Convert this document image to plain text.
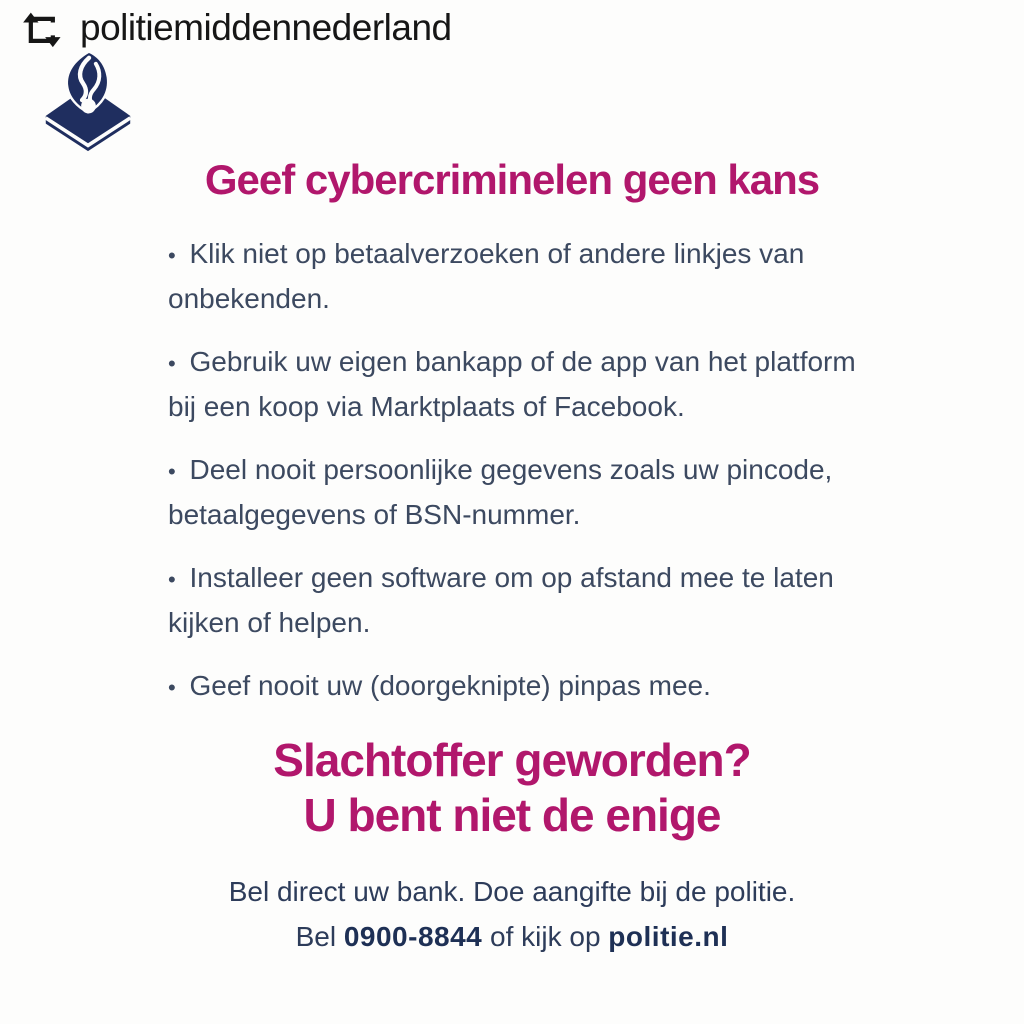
politiemiddennederland
Geef cybercriminelen geen kans
• Klik niet op betaalverzoeken of andere linkjes van onbekenden.
• Gebruik uw eigen bankapp of de app van het platform bij een koop via Marktplaats of Facebook.
• Deel nooit persoonlijke gegevens zoals uw pincode, betaalgegevens of BSN-nummer.
• Installeer geen software om op afstand mee te laten kijken of helpen.
• Geef nooit uw (doorgeknipte) pinpas mee.
Slachtoffer geworden?
U bent niet de enige
Bel direct uw bank. Doe aangifte bij de politie.
Bel 0900-8844 of kijk op politie.nl
